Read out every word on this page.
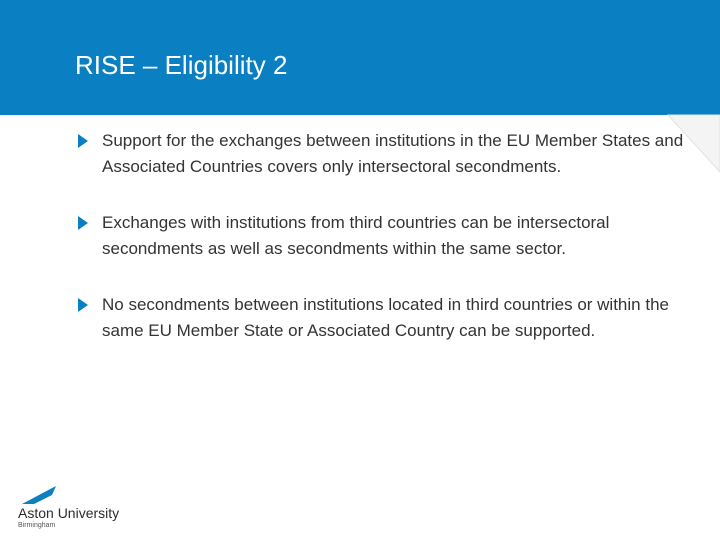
RISE – Eligibility 2
Support for the exchanges between institutions in the EU Member States and Associated Countries covers only intersectoral secondments.
Exchanges with institutions from third countries can be intersectoral secondments as well as secondments within the same sector.
No secondments between institutions located in third countries or within the same EU Member State or Associated Country can be supported.
Aston University
Birmingham
